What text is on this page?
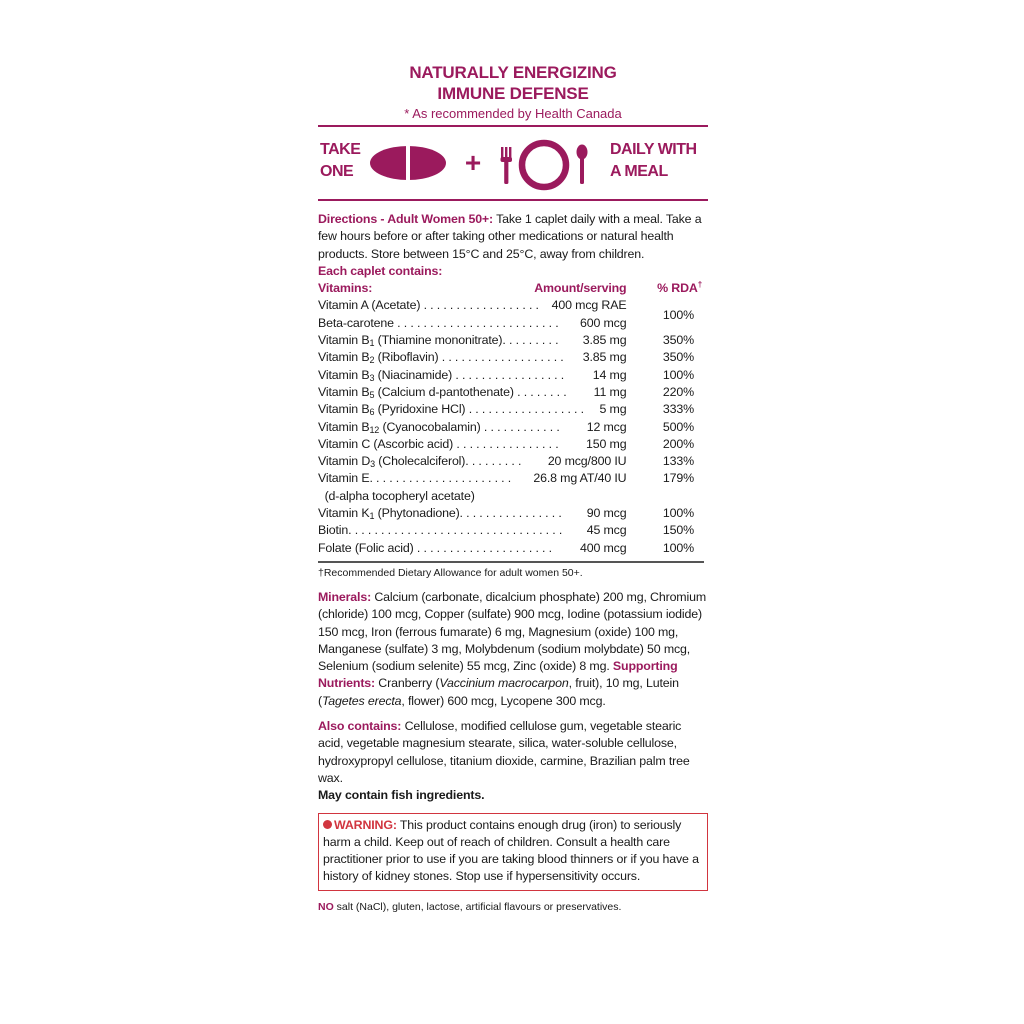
NATURALLY ENERGIZING
IMMUNE DEFENSE
* As recommended by Health Canada
TAKE
ONE	+	DAILY WITH
A MEAL
Directions - Adult Women 50+: Take 1 caplet daily with a meal. Take a few hours before or after taking other medications or natural health products. Store between 15°C and 25°C, away from children.
Each caplet contains:
Vitamins: Amount/serving	% RDA†
Vitamin A (Acetate) . . . . . . . . . . . . . . . . . . 400 mcg RAE	

Beta-carotene . . . . . . . . . . . . . . . . . . . . . . . . . 600 mcg	100%
Vitamin $B_1$ (Thiamine mononitrate). . . . . . . . . 3.85 mg	350%
Vitamin $B_2$ (Riboflavin) . . . . . . . . . . . . . . . . . . . 3.85 mg	350%
Vitamin $B_3$ (Niacinamide) . . . . . . . . . . . . . . . . . 14 mg	100%
Vitamin $B_5$ (Calcium d-pantothenate) . . . . . . . . 11 mg	220%
Vitamin $B_6$ (Pyridoxine HCl) . . . . . . . . . . . . . . . . . . 5 mg	333%
Vitamin $B_{12}$ (Cyanocobalamin) . . . . . . . . . . . . 12 mcg	500%
Vitamin C (Ascorbic acid) . . . . . . . . . . . . . . . . 150 mg	200%
Vitamin $D_3$ (Cholecalciferol). . . . . . . . . 20 mcg/800 IU	133%
Vitamin E. . . . . . . . . . . . . . . . . . . . . . 26.8 mg AT/40 IU	179%
(d-alpha tocopheryl acetate)	
Vitamin $K_1$ (Phytonadione). . . . . . . . . . . . . . . . 90 mcg	100%
Biotin. . . . . . . . . . . . . . . . . . . . . . . . . . . . . . . . . 45 mcg	150%
Folate (Folic acid) . . . . . . . . . . . . . . . . . . . . . 400 mcg	100%
†Recommended Dietary Allowance for adult women 50+.
Minerals: Calcium (carbonate, dicalcium phosphate) 200 mg, Chromium (chloride) 100 mcg, Copper (sulfate) 900 mcg, Iodine (potassium iodide) 150 mcg, Iron (ferrous fumarate) 6 mg, Magnesium (oxide) 100 mg, Manganese (sulfate) 3 mg, Molybdenum (sodium molybdate) 50 mcg, Selenium (sodium selenite) 55 mcg, Zinc (oxide) 8 mg. Supporting Nutrients: Cranberry (Vaccinium macrocarpon, fruit), 10 mg, Lutein (Tagetes erecta, flower) 600 mcg, Lycopene 300 mcg.
Also contains: Cellulose, modified cellulose gum, vegetable stearic acid, vegetable magnesium stearate, silica, water-soluble cellulose, hydroxypropyl cellulose, titanium dioxide, carmine, Brazilian palm tree wax.
May contain fish ingredients.
WARNING: This product contains enough drug (iron) to seriously harm a child. Keep out of reach of children. Consult a health care practitioner prior to use if you are taking blood thinners or if you have a history of kidney stones. Stop use if hypersensitivity occurs.
NO salt (NaCl), gluten, lactose, artificial flavours or preservatives.
